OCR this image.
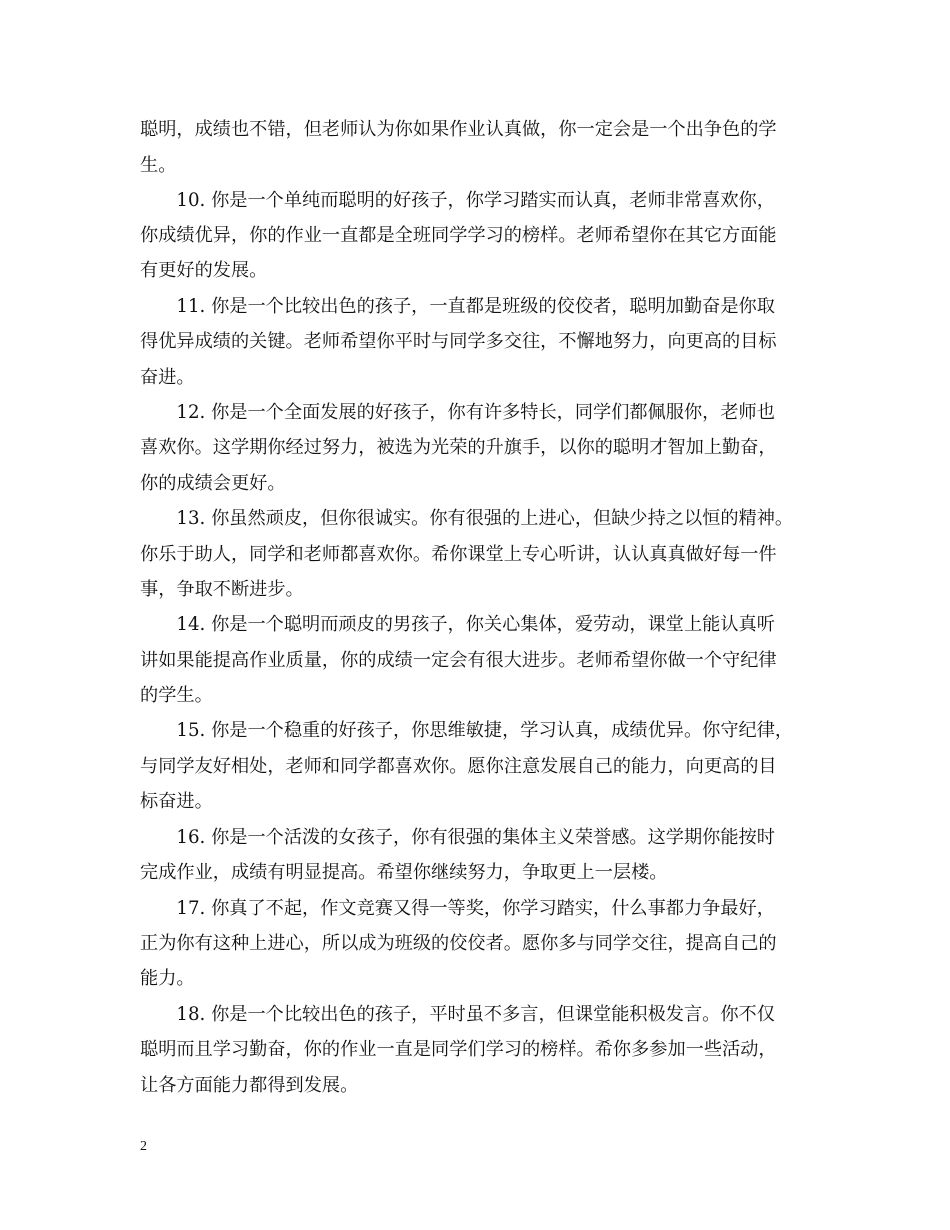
聪明，成绩也不错，但老师认为你如果作业认真做，你一定会是一个出争色的学
生。
　　10. 你是一个单纯而聪明的好孩子，你学习踏实而认真，老师非常喜欢你，
你成绩优异，你的作业一直都是全班同学学习的榜样。老师希望你在其它方面能
有更好的发展。
　　11. 你是一个比较出色的孩子，一直都是班级的佼佼者，聪明加勤奋是你取
得优异成绩的关键。老师希望你平时与同学多交往，不懈地努力，向更高的目标
奋进。
　　12. 你是一个全面发展的好孩子，你有许多特长，同学们都佩服你，老师也
喜欢你。这学期你经过努力，被选为光荣的升旗手，以你的聪明才智加上勤奋，
你的成绩会更好。
　　13. 你虽然顽皮，但你很诚实。你有很强的上进心，但缺少持之以恒的精神。
你乐于助人，同学和老师都喜欢你。希你课堂上专心听讲，认认真真做好每一件
事，争取不断进步。
　　14. 你是一个聪明而顽皮的男孩子，你关心集体，爱劳动，课堂上能认真听
讲如果能提高作业质量，你的成绩一定会有很大进步。老师希望你做一个守纪律
的学生。
　　15. 你是一个稳重的好孩子，你思维敏捷，学习认真，成绩优异。你守纪律，
与同学友好相处，老师和同学都喜欢你。愿你注意发展自己的能力，向更高的目
标奋进。
　　16. 你是一个活泼的女孩子，你有很强的集体主义荣誉感。这学期你能按时
完成作业，成绩有明显提高。希望你继续努力，争取更上一层楼。
　　17. 你真了不起，作文竞赛又得一等奖，你学习踏实，什么事都力争最好，
正为你有这种上进心，所以成为班级的佼佼者。愿你多与同学交往，提高自己的
能力。
　　18. 你是一个比较出色的孩子，平时虽不多言，但课堂能积极发言。你不仅
聪明而且学习勤奋，你的作业一直是同学们学习的榜样。希你多参加一些活动，
让各方面能力都得到发展。
2
